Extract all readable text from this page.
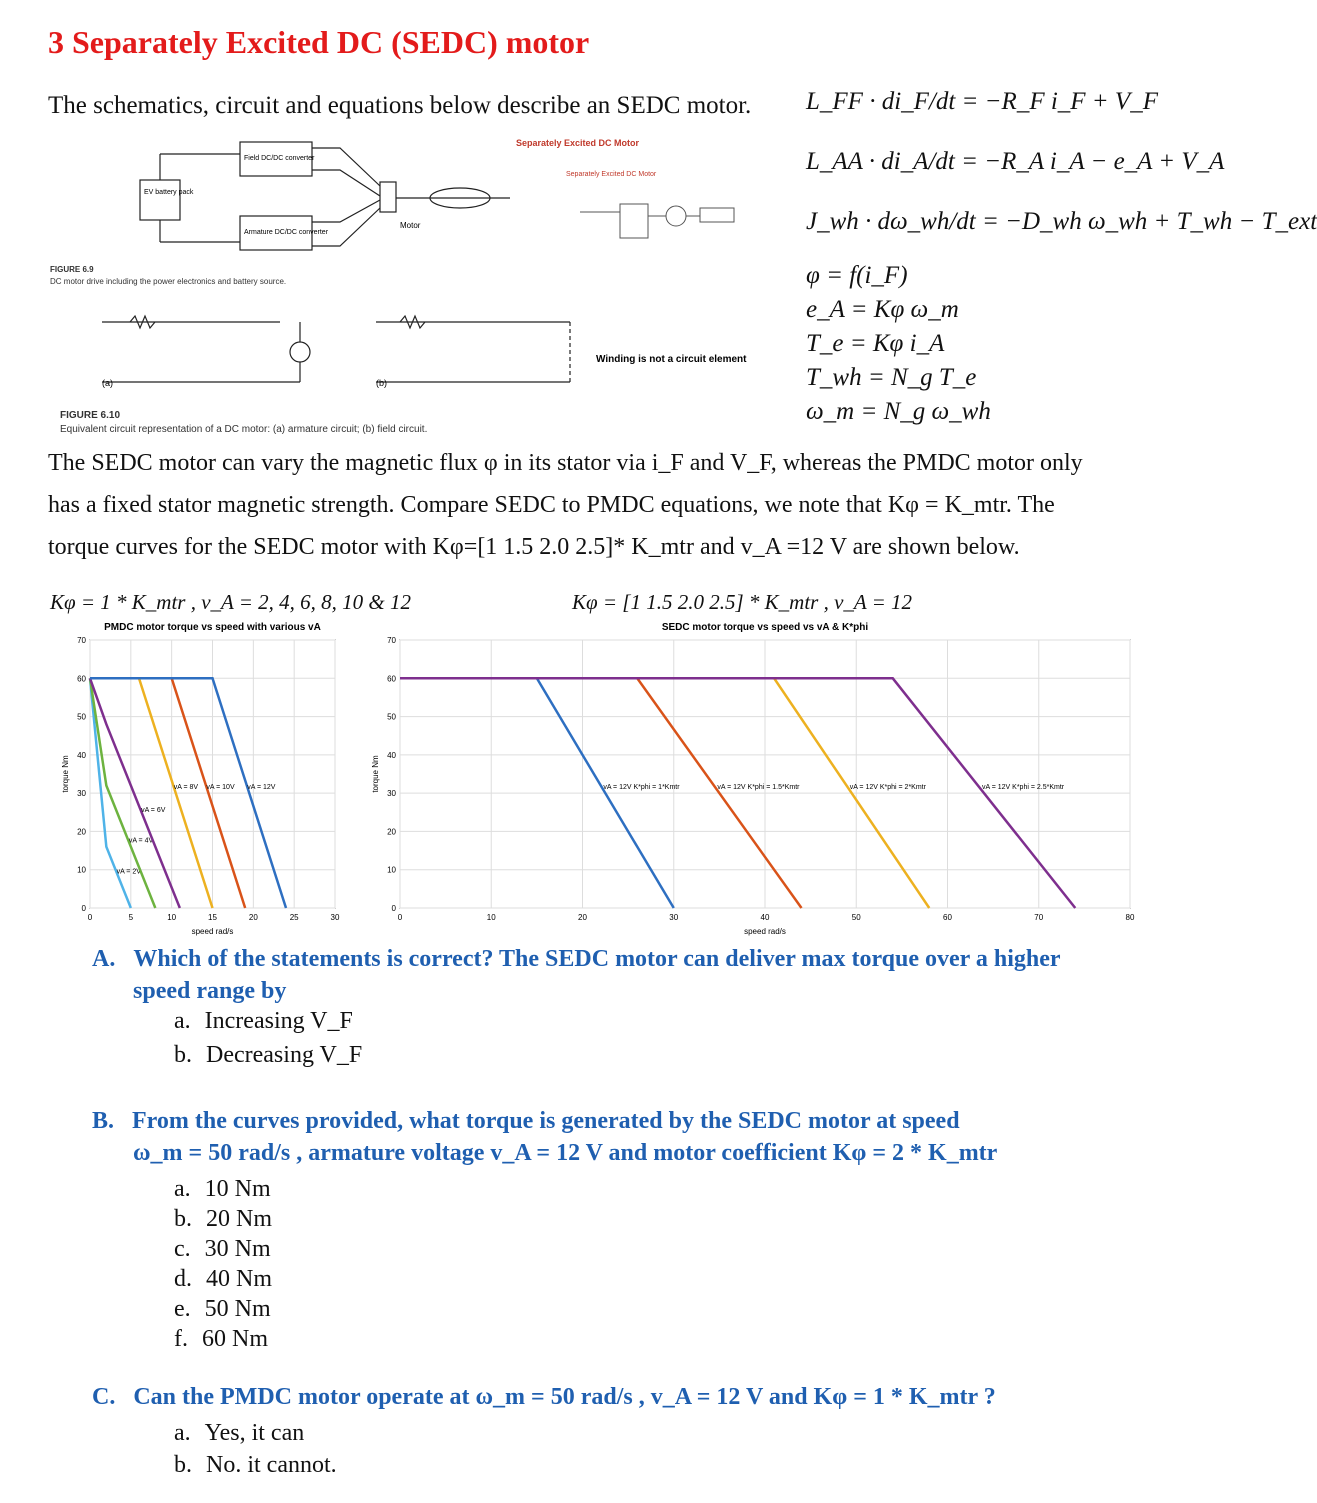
3 Separately Excited DC (SEDC) motor
The schematics, circuit and equations below describe an SEDC motor. L_FF · di_F/dt = −R_F i_F + V_F
L_AA · di_A/dt = −R_A i_A − e_A + V_A
J_wh · dω_wh/dt = −D_wh ω_wh + T_wh − T_ext
φ = f(i_F)
e_A = Kφ ω_m
T_e = Kφ i_A
T_wh = N_g T_e
ω_m = N_g ω_wh
EV battery pack
Field DC/DC converter
Armature DC/DC converter
Motor
Separately Excited DC Motor
Separately Excited DC Motor
FIGURE 6.9
DC motor drive including the power electronics and battery source.
(a)	(b)
Winding is not a circuit element
FIGURE 6.10
Equivalent circuit representation of a DC motor: (a) armature circuit; (b) field circuit.
The SEDC motor can vary the magnetic flux φ in its stator via i_F and V_F, whereas the PMDC motor only
has a fixed stator magnetic strength. Compare SEDC to PMDC equations, we note that Kφ = K_mtr. The
torque curves for the SEDC motor with Kφ=[1 1.5 2.0 2.5]* K_mtr and v_A =12 V are shown below.
Kφ = 1 * K_mtr , v_A = 2, 4, 6, 8, 10 & 12	Kφ = [1 1.5 2.0 2.5] * K_mtr , v_A = 12
PMDC motor torque vs speed with various vA
0	5	10	15	20	25	30
0
10
20
30
40
50
60
70
speed rad/s
torque Nm
vA = 2V
vA = 4V
vA = 6V
vA = 8V vA = 10V vA = 12V
SEDC motor torque vs speed vs vA & K*phi
0	10	20	30	40	50	60	70	80
0
10
20
30
40
50
60
70
speed rad/s
torque Nm	vA = 12V K*phi = 1*Kmtr	vA = 12V K*phi = 1.5*Kmtr	vA = 12V K*phi = 2*Kmtr	vA = 12V K*phi = 2.5*Kmtr
A. Which of the statements is correct? The SEDC motor can deliver max torque over a higher
speed range by
a. Increasing V_F
b. Decreasing V_F
B. From the curves provided, what torque is generated by the SEDC motor at speed
ω_m = 50 rad/s , armature voltage v_A = 12 V and motor coefficient Kφ = 2 * K_mtr
a. 10 Nm
b. 20 Nm
c. 30 Nm
d. 40 Nm
e. 50 Nm
f. 60 Nm
C. Can the PMDC motor operate at ω_m = 50 rad/s , v_A = 12 V and Kφ = 1 * K_mtr ?
a. Yes, it can
b. No. it cannot.
